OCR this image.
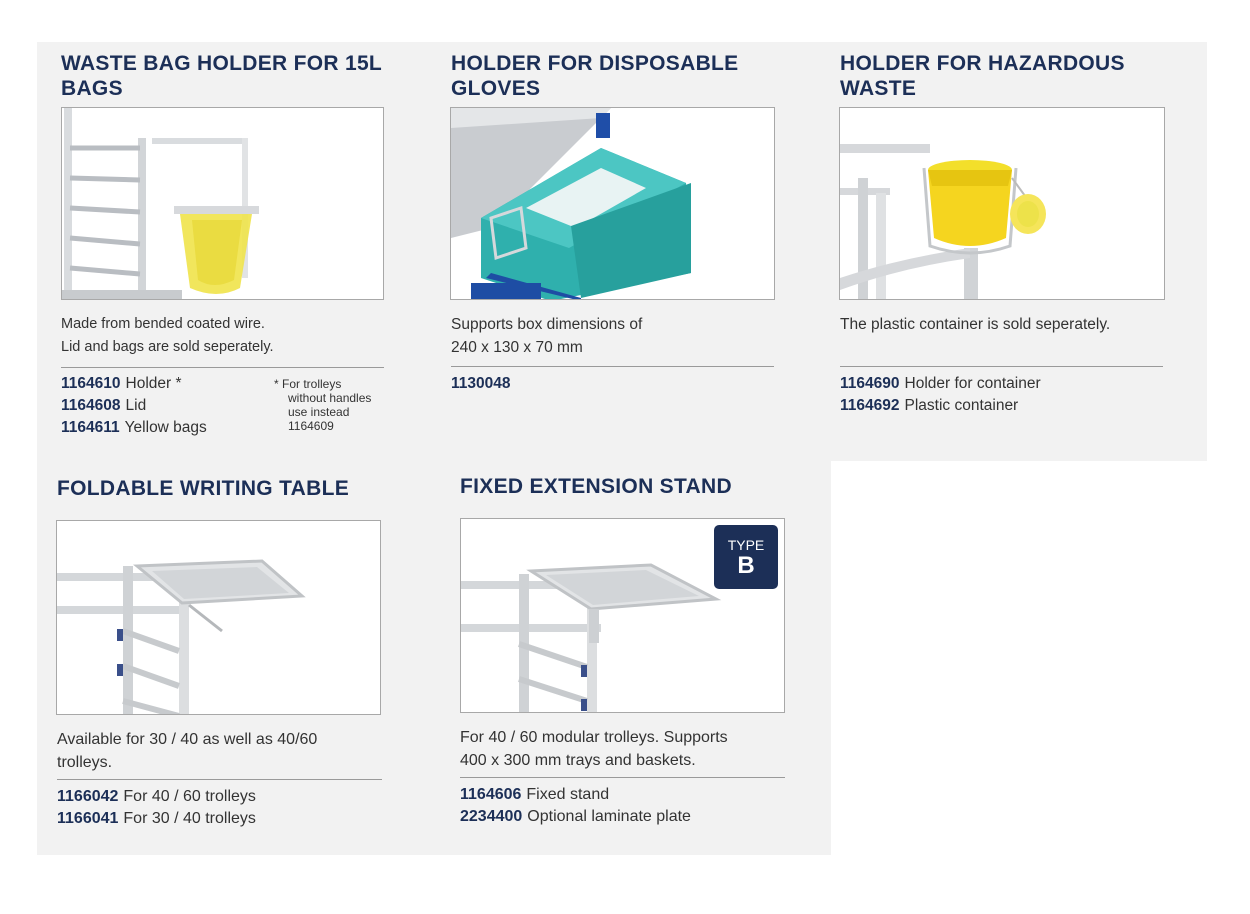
WASTE BAG HOLDER FOR 15L BAGS
Made from bended coated wire.
Lid and bags are sold seperately.
1164610 Holder *
1164608 Lid
1164611 Yellow bags
* For trolleys
without handles
use instead
1164609
HOLDER FOR DISPOSABLE GLOVES
Supports box dimensions of
240 x 130 x 70 mm
1130048
HOLDER FOR HAZARDOUS WASTE
The plastic container is sold seperately.
1164690 Holder for container
1164692 Plastic container
FOLDABLE WRITING TABLE
Available for 30 / 40 as well as 40/60
trolleys.
1166042 For 40 / 60 trolleys
1166041 For 30 / 40 trolleys
FIXED EXTENSION STAND
TYPE
B
For 40 / 60 modular trolleys. Supports
400 x 300 mm trays and baskets.
1164606 Fixed stand
2234400 Optional laminate plate
